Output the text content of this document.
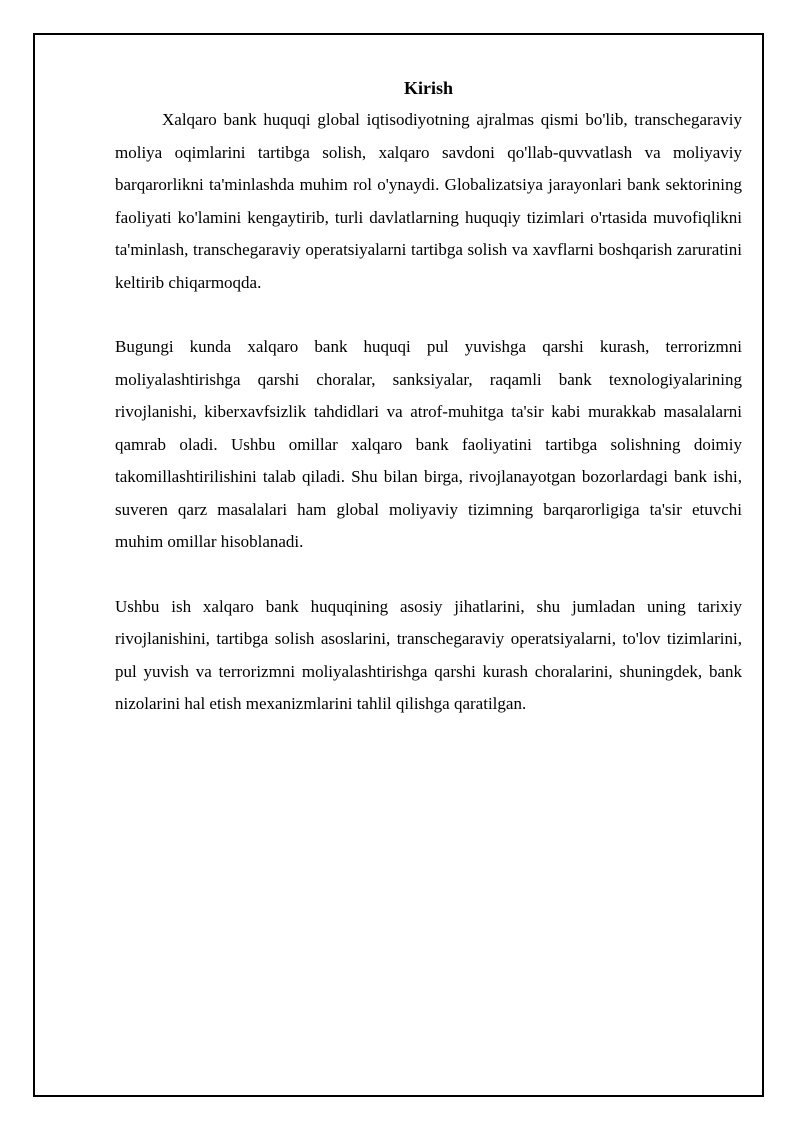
Kirish

Xalqaro bank huquqi global iqtisodiyotning ajralmas qismi bo'lib, transchegaraviy moliya oqimlarini tartibga solish, xalqaro savdoni qo'llab-quvvatlash va moliyaviy barqarorlikni ta'minlashda muhim rol o'ynaydi. Globalizatsiya jarayonlari bank sektorining faoliyati ko'lamini kengaytirib, turli davlatlarning huquqiy tizimlari o'rtasida muvofiqlikni ta'minlash, transchegaraviy operatsiyalarni tartibga solish va xavflarni boshqarish zaruratini keltirib chiqarmoqda.

Bugungi kunda xalqaro bank huquqi pul yuvishga qarshi kurash, terrorizmni moliyalashtirishga qarshi choralar, sanksiyalar, raqamli bank texnologiyalarining rivojlanishi, kiberxavfsizlik tahdidlari va atrof-muhitga ta'sir kabi murakkab masalalarni qamrab oladi. Ushbu omillar xalqaro bank faoliyatini tartibga solishning doimiy takomillashtirilishini talab qiladi. Shu bilan birga, rivojlanayotgan bozorlardagi bank ishi, suveren qarz masalalari ham global moliyaviy tizimning barqarorligiga ta'sir etuvchi muhim omillar hisoblanadi.

Ushbu ish xalqaro bank huquqining asosiy jihatlarini, shu jumladan uning tarixiy rivojlanishini, tartibga solish asoslarini, transchegaraviy operatsiyalarni, to'lov tizimlarini, pul yuvish va terrorizmni moliyalashtirishga qarshi kurash choralarini, shuningdek, bank nizolarini hal etish mexanizmlarini tahlil qilishga qaratilgan.
